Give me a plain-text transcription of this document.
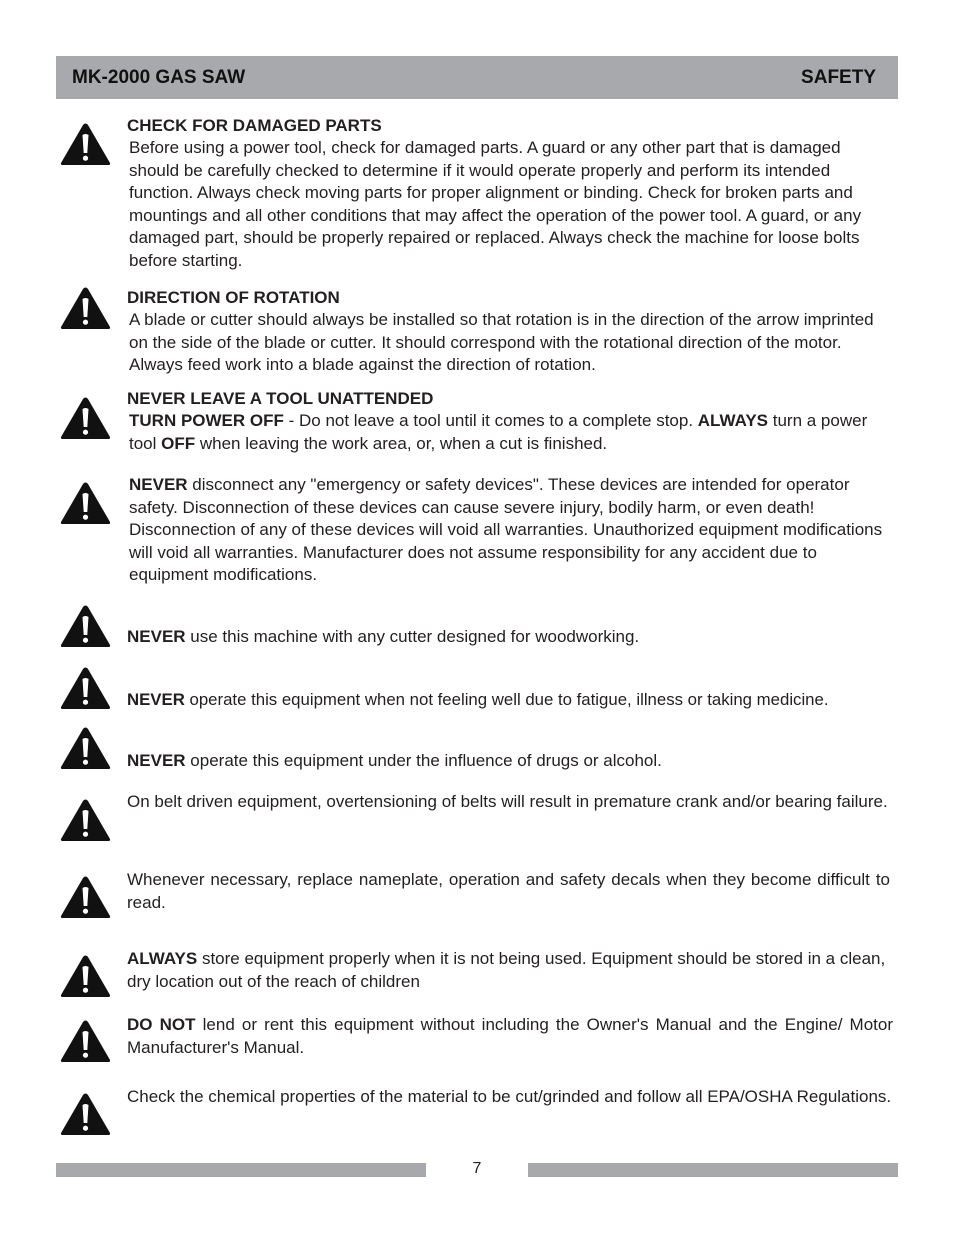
MK-2000 GAS SAW	SAFETY

CHECK FOR DAMAGED PARTS

Before using a power tool, check for damaged parts. A guard or any other part that is damaged should be carefully checked to determine if it would operate properly and perform its intended function. Always check moving parts for proper alignment or binding. Check for broken parts and mountings and all other conditions that may affect the operation of the power tool. A guard, or any damaged part, should be properly repaired or replaced. Always check the machine for loose bolts before starting.

DIRECTION OF ROTATION

A blade or cutter should always be installed so that rotation is in the direction of the arrow imprinted on the side of the blade or cutter. It should correspond with the rotational direction of the motor. Always feed work into a blade against the direction of rotation.

NEVER LEAVE A TOOL UNATTENDED

TURN POWER OFF - Do not leave a tool until it comes to a complete stop. ALWAYS turn a power tool OFF when leaving the work area, or, when a cut is finished.

NEVER disconnect any "emergency or safety devices". These devices are intended for operator safety. Disconnection of these devices can cause severe injury, bodily harm, or even death! Disconnection of any of these devices will void all warranties. Unauthorized equipment modifications will void all warranties. Manufacturer does not assume responsibility for any accident due to equipment modifications.

NEVER use this machine with any cutter designed for woodworking.

NEVER operate this equipment when not feeling well due to fatigue, illness or taking medicine.

NEVER operate this equipment under the influence of drugs or alcohol.

On belt driven equipment, overtensioning of belts will result in premature crank and/or bearing failure.

Whenever necessary, replace nameplate, operation and safety decals when they become difficult to read.

ALWAYS store equipment properly when it is not being used. Equipment should be stored in a clean, dry location out of the reach of children

DO NOT lend or rent this equipment without including the Owner's Manual and the Engine/ Motor Manufacturer's Manual.

Check the chemical properties of the material to be cut/grinded and follow all EPA/OSHA Regulations.

7
